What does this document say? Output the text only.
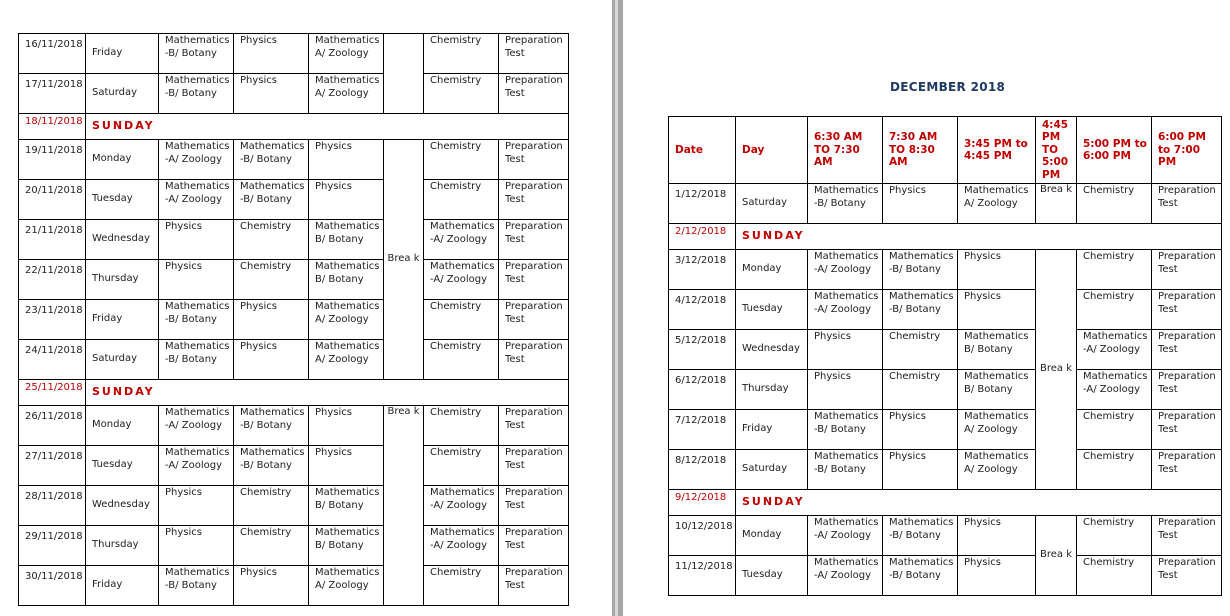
16/11/2018	Friday	Mathematics -B/ Botany	Physics	Mathematics A/ Zoology		Chemistry	Preparation Test
17/11/2018	Saturday	Mathematics -B/ Botany	Physics	Mathematics A/ Zoology		Chemistry	Preparation Test
18/11/2018	SUNDAY						
19/11/2018	Monday	Mathematics -A/ Zoology	Mathematics -B/ Botany	Physics	Brea k	Chemistry	Preparation Test
20/11/2018	Tuesday	Mathematics -A/ Zoology	Mathematics -B/ Botany	Physics		Chemistry	Preparation Test
21/11/2018	Wednesday	Physics	Chemistry	Mathematics B/ Botany		Mathematics -A/ Zoology	Preparation Test
22/11/2018	Thursday	Physics	Chemistry	Mathematics B/ Botany		Mathematics -A/ Zoology	Preparation Test
23/11/2018	Friday	Mathematics -B/ Botany	Physics	Mathematics A/ Zoology		Chemistry	Preparation Test
24/11/2018	Saturday	Mathematics -B/ Botany	Physics	Mathematics A/ Zoology		Chemistry	Preparation Test
25/11/2018	SUNDAY						
26/11/2018	Monday	Mathematics -A/ Zoology	Mathematics -B/ Botany	Physics	Brea k	Chemistry	Preparation Test
27/11/2018	Tuesday	Mathematics -A/ Zoology	Mathematics -B/ Botany	Physics		Chemistry	Preparation Test
28/11/2018	Wednesday	Physics	Chemistry	Mathematics B/ Botany		Mathematics -A/ Zoology	Preparation Test
29/11/2018	Thursday	Physics	Chemistry	Mathematics B/ Botany		Mathematics -A/ Zoology	Preparation Test
30/11/2018	Friday	Mathematics -B/ Botany	Physics	Mathematics A/ Zoology		Chemistry	Preparation Test
DECEMBER 2018
Date	Day	6:30 AM TO 7:30 AM	7:30 AM TO 8:30 AM	3:45 PM to 4:45 PM	4:45 PM TO 5:00 PM	5:00 PM to 6:00 PM	6:00 PM to 7:00 PM
1/12/2018	Saturday	Mathematics -B/ Botany	Physics	Mathematics A/ Zoology	Brea k	Chemistry	Preparation Test
2/12/2018	SUNDAY						
3/12/2018	Monday	Mathematics -A/ Zoology	Mathematics -B/ Botany	Physics	Brea k	Chemistry	Preparation Test
4/12/2018	Tuesday	Mathematics -A/ Zoology	Mathematics -B/ Botany	Physics		Chemistry	Preparation Test
5/12/2018	Wednesday	Physics	Chemistry	Mathematics B/ Botany		Mathematics -A/ Zoology	Preparation Test
6/12/2018	Thursday	Physics	Chemistry	Mathematics B/ Botany		Mathematics -A/ Zoology	Preparation Test
7/12/2018	Friday	Mathematics -B/ Botany	Physics	Mathematics A/ Zoology		Chemistry	Preparation Test
8/12/2018	Saturday	Mathematics -B/ Botany	Physics	Mathematics A/ Zoology		Chemistry	Preparation Test
9/12/2018	SUNDAY						
10/12/2018	Monday	Mathematics -A/ Zoology	Mathematics -B/ Botany	Physics	Brea k	Chemistry	Preparation Test
11/12/2018	Tuesday	Mathematics -A/ Zoology	Mathematics -B/ Botany	Physics		Chemistry	Preparation Test
